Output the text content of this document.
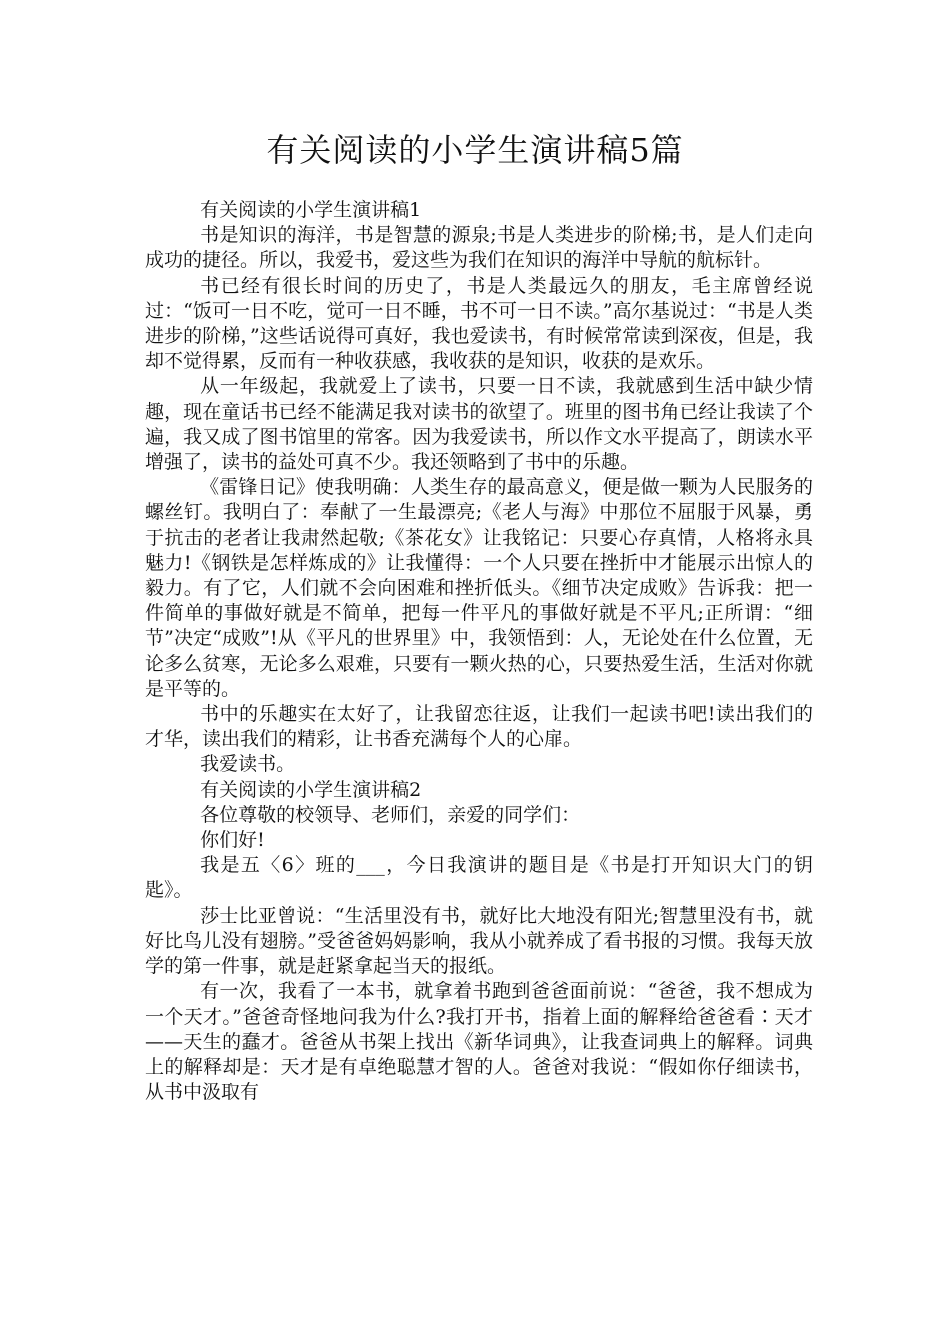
有关阅读的小学生演讲稿5篇

有关阅读的小学生演讲稿1

书是知识的海洋，书是智慧的源泉;书是人类进步的阶梯;书，是人们走向成功的捷径。所以，我爱书，爱这些为我们在知识的海洋中导航的航标针。

书已经有很长时间的历史了，书是人类最远久的朋友，毛主席曾经说过：“饭可一日不吃，觉可一日不睡，书不可一日不读。”高尔基说过：“书是人类进步的阶梯，”这些话说得可真好，我也爱读书，有时候常常读到深夜，但是，我却不觉得累，反而有一种收获感，我收获的是知识，收获的是欢乐。

从一年级起，我就爱上了读书，只要一日不读，我就感到生活中缺少情趣，现在童话书已经不能满足我对读书的欲望了。班里的图书角已经让我读了个遍，我又成了图书馆里的常客。因为我爱读书，所以作文水平提高了，朗读水平增强了，读书的益处可真不少。我还领略到了书中的乐趣。

《雷锋日记》使我明确：人类生存的最高意义，便是做一颗为人民服务的螺丝钉。我明白了：奉献了一生最漂亮;《老人与海》中那位不屈服于风暴，勇于抗击的老者让我肃然起敬;《茶花女》让我铭记：只要心存真情，人格将永具魅力!《钢铁是怎样炼成的》让我懂得：一个人只要在挫折中才能展示出惊人的毅力。有了它，人们就不会向困难和挫折低头。《细节决定成败》告诉我：把一件简单的事做好就是不简单，把每一件平凡的事做好就是不平凡;正所谓：“细节”决定“成败”!从《平凡的世界里》中，我领悟到：人，无论处在什么位置，无论多么贫寒，无论多么艰难，只要有一颗火热的心，只要热爱生活，生活对你就是平等的。

书中的乐趣实在太好了，让我留恋往返，让我们一起读书吧!读出我们的才华，读出我们的精彩，让书香充满每个人的心扉。

我爱读书。

有关阅读的小学生演讲稿2

各位尊敬的校领导、老师们，亲爱的同学们：

你们好!

我是五〈6〉班的___，今日我演讲的题目是《书是打开知识大门的钥匙》。

莎士比亚曾说：“生活里没有书，就好比大地没有阳光;智慧里没有书，就好比鸟儿没有翅膀。”受爸爸妈妈影响，我从小就养成了看书报的习惯。我每天放学的第一件事，就是赶紧拿起当天的报纸。

有一次，我看了一本书，就拿着书跑到爸爸面前说：“爸爸，我不想成为一个天才。”爸爸奇怪地问我为什么?我打开书，指着上面的解释给爸爸看∶天才——天生的蠢才。爸爸从书架上找出《新华词典》，让我查词典上的解释。词典上的解释却是：天才是有卓绝聪慧才智的人。爸爸对我说：“假如你仔细读书，从书中汲取有
